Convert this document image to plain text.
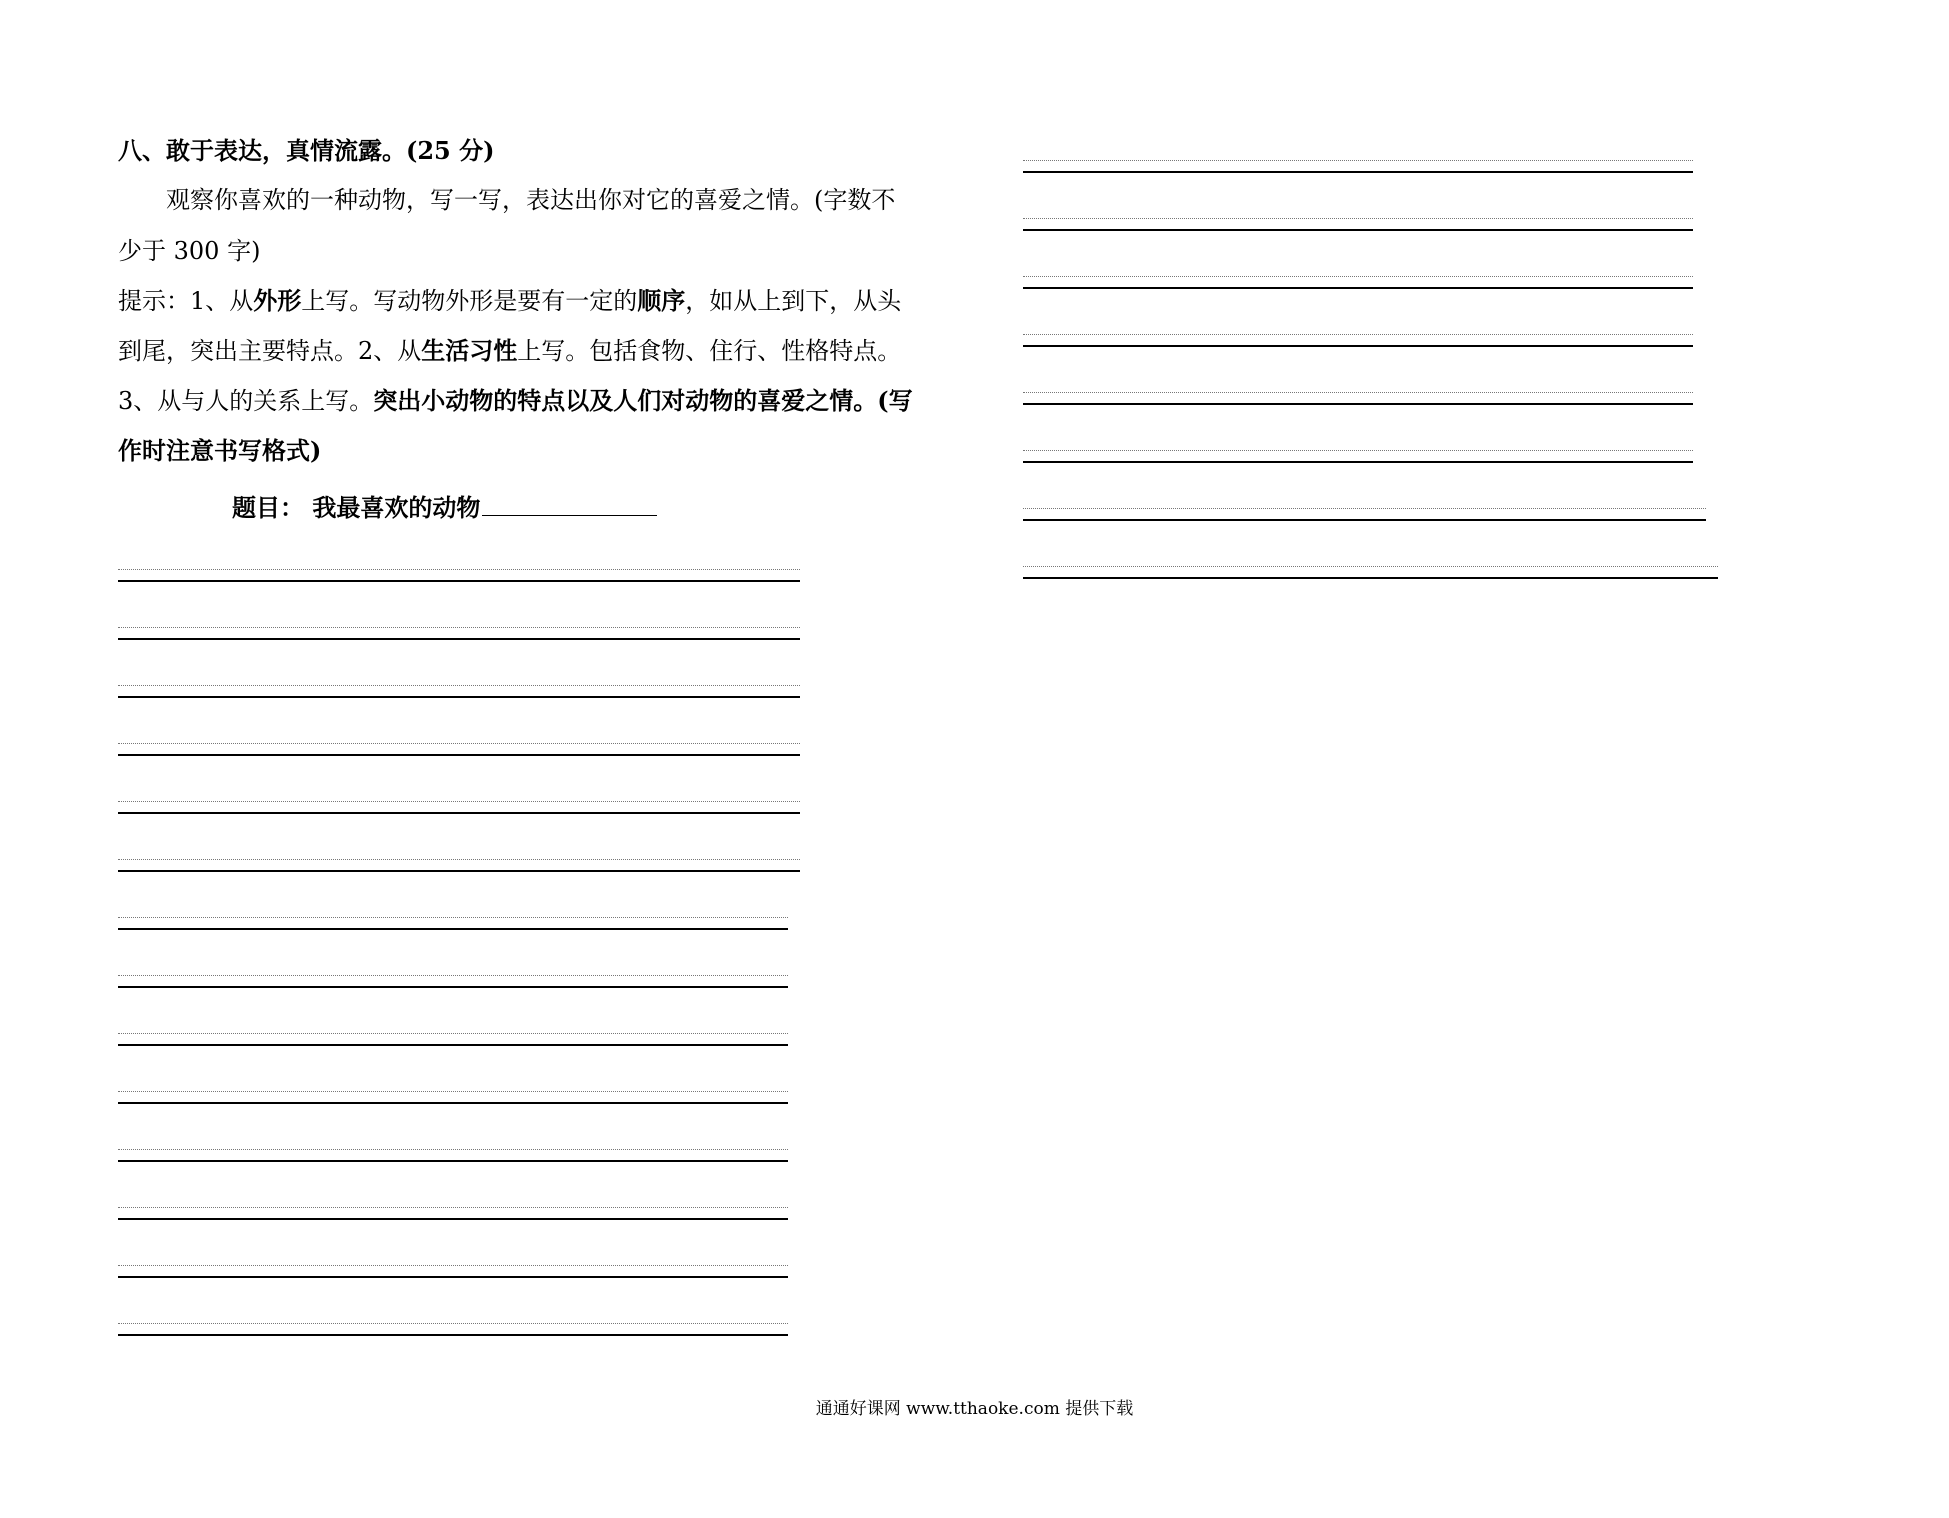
八、敢于表达，真情流露。(25 分)
  观察你喜欢的一种动物，写一写，表达出你对它的喜爱之情。(字数不
少于 300 字)
提示：1、从外形上写。写动物外形是要有一定的顺序，如从上到下，从头
到尾，突出主要特点。2、从生活习性上写。包括食物、住行、性格特点。
3、从与人的关系上写。突出小动物的特点以及人们对动物的喜爱之情。(写
作时注意书写格式)
题目： 我最喜欢的动物
通通好课网 www.tthaoke.com 提供下载
